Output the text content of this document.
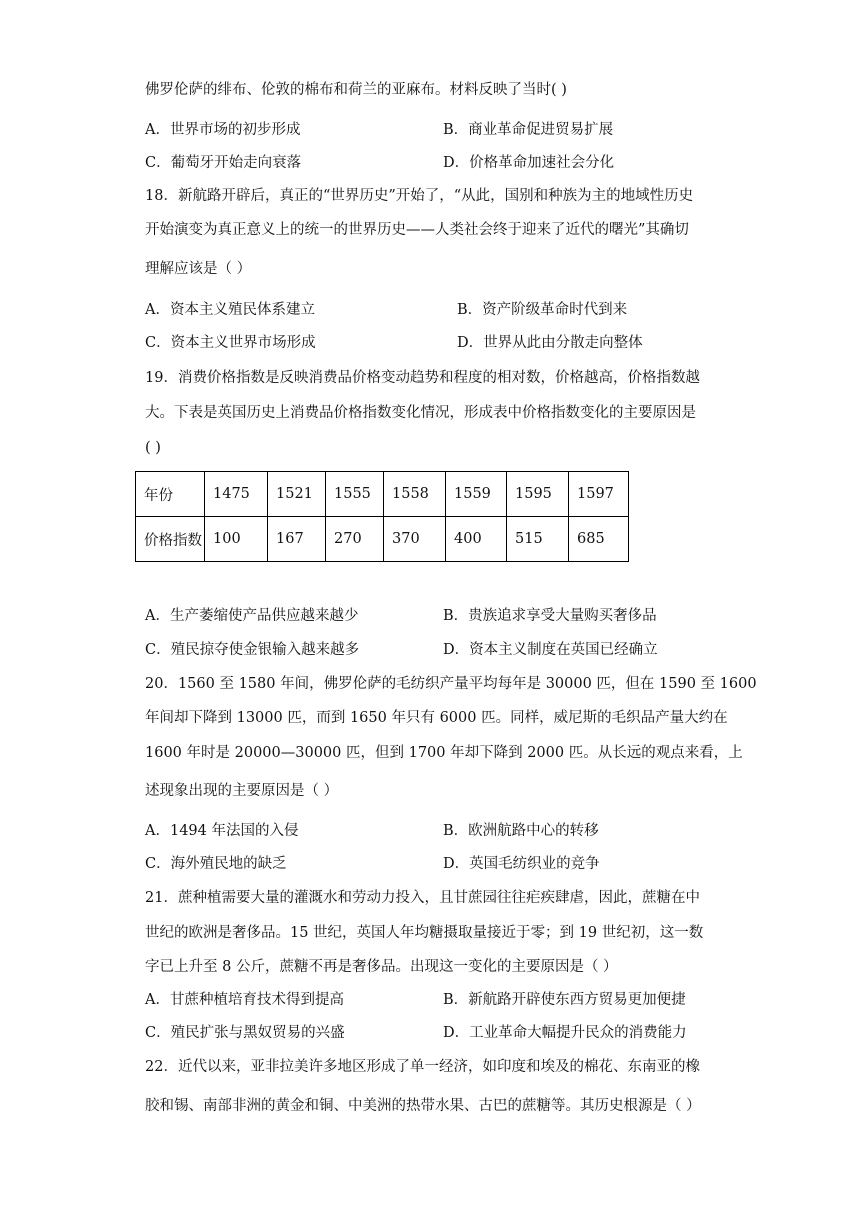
佛罗伦萨的绯布、伦敦的棉布和荷兰的亚麻布。材料反映了当时( )
A．世界市场的初步形成	B．商业革命促进贸易扩展
C．葡萄牙开始走向衰落	D．价格革命加速社会分化
18．新航路开辟后，真正的“世界历史”开始了，“从此，国别和种族为主的地域性历史
开始演变为真正意义上的统一的世界历史——人类社会终于迎来了近代的曙光”其确切
理解应该是（ ）
A．资本主义殖民体系建立	B．资产阶级革命时代到来
C．资本主义世界市场形成	D．世界从此由分散走向整体
19．消费价格指数是反映消费品价格变动趋势和程度的相对数，价格越高，价格指数越
大。下表是英国历史上消费品价格指数变化情况，形成表中价格指数变化的主要原因是
( )
年份	1475	1521	1555	1558	1559	1595	1597
价格指数	100	167	270	370	400	515	685
A．生产萎缩使产品供应越来越少	B．贵族追求享受大量购买奢侈品
C．殖民掠夺使金银输入越来越多	D．资本主义制度在英国已经确立
20．1560 至 1580 年间，佛罗伦萨的毛纺织产量平均每年是 30000 匹，但在 1590 至 1600
年间却下降到 13000 匹，而到 1650 年只有 6000 匹。同样，威尼斯的毛织品产量大约在
1600 年时是 20000—30000 匹，但到 1700 年却下降到 2000 匹。从长远的观点来看，上
述现象出现的主要原因是（ ）
A．1494 年法国的入侵	B．欧洲航路中心的转移
C．海外殖民地的缺乏	D．英国毛纺织业的竞争
21．蔗种植需要大量的灌溉水和劳动力投入，且甘蔗园往往疟疾肆虐，因此，蔗糖在中
世纪的欧洲是奢侈品。15 世纪，英国人年均糖摄取量接近于零；到 19 世纪初，这一数
字已上升至 8 公斤，蔗糖不再是奢侈品。出现这一变化的主要原因是（ ）
A．甘蔗种植培育技术得到提高	B．新航路开辟使东西方贸易更加便捷
C．殖民扩张与黑奴贸易的兴盛	D．工业革命大幅提升民众的消费能力
22．近代以来，亚非拉美许多地区形成了单一经济，如印度和埃及的棉花、东南亚的橡
胶和锡、南部非洲的黄金和铜、中美洲的热带水果、古巴的蔗糖等。其历史根源是（ ）
